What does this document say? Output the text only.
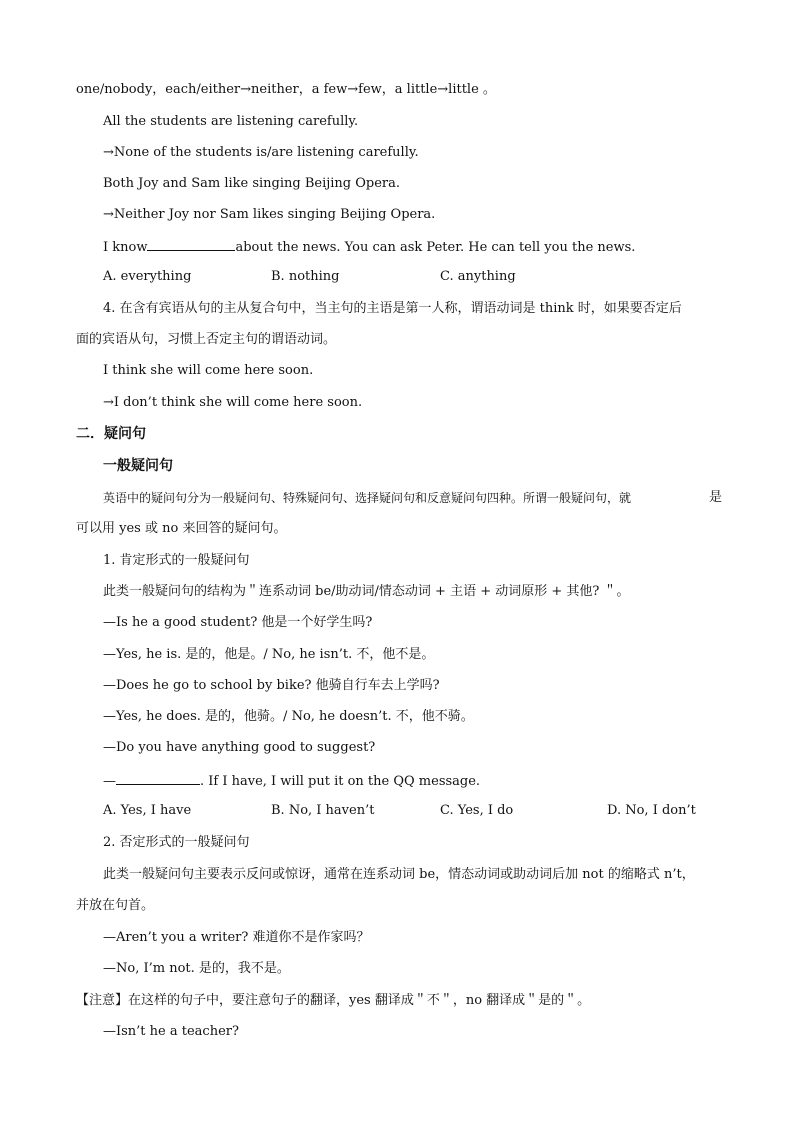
one/nobody，each/either→neither，a few→few，a little→little 。
All the students are listening carefully.
→None of the students is/are listening carefully.
Both Joy and Sam like singing Beijing Opera.
→Neither Joy nor Sam likes singing Beijing Opera.
I know	about the news. You can ask Peter. He can tell you the news.
A. everything	B. nothing	C. anything
4. 在含有宾语从句的主从复合句中，当主句的主语是第一人称，谓语动词是 think 时，如果要否定后
面的宾语从句，习惯上否定主句的谓语动词。
I think she will come here soon.
→I don’t think she will come here soon.
二．疑问句
一般疑问句
英语中的疑问句分为一般疑问句、特殊疑问句、选择疑问句和反意疑问句四种。所谓一般疑问句，就	是
可以用 yes 或 no 来回答的疑问句。
1. 肯定形式的一般疑问句
此类一般疑问句的结构为＂连系动词 be/助动词/情态动词 + 主语 + 动词原形 + 其他? ＂。
—Is he a good student? 他是一个好学生吗?
—Yes, he is. 是的，他是。/ No, he isn’t. 不，他不是。
—Does he go to school by bike? 他骑自行车去上学吗?
—Yes, he does. 是的，他骑。/ No, he doesn’t. 不，他不骑。
—Do you have anything good to suggest?
—	. If I have, I will put it on the QQ message.
A. Yes, I have	B. No, I haven’t	C. Yes, I do	D. No, I don’t
2. 否定形式的一般疑问句
此类一般疑问句主要表示反问或惊讶，通常在连系动词 be，情态动词或助动词后加 not 的缩略式 n’t，
并放在句首。
—Aren’t you a writer? 难道你不是作家吗？
—No, I’m not. 是的，我不是。
【注意】在这样的句子中，要注意句子的翻译，yes 翻译成＂不＂，no 翻译成＂是的＂。
—Isn’t he a teacher?
